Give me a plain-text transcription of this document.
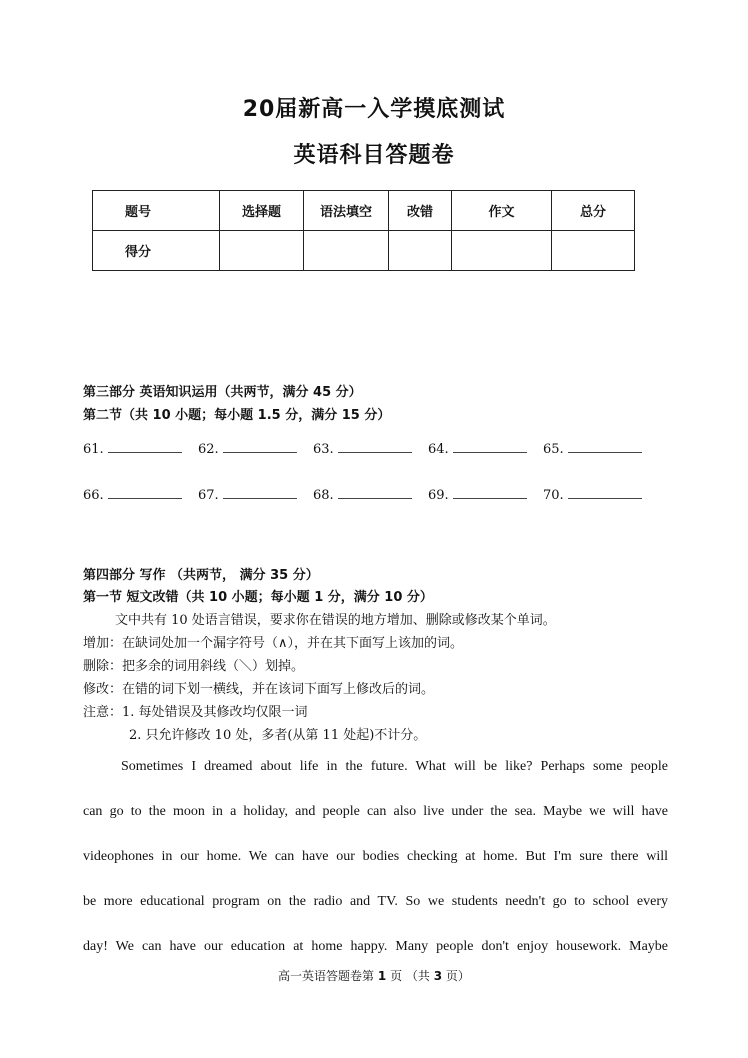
20届新高一入学摸底测试
英语科目答题卷
题号	选择题	语法填空	改错	作文	总分
得分					
第三部分 英语知识运用（共两节，满分 45 分）
第二节（共 10 小题；每小题 1.5 分，满分 15 分）
61.	62.	63.	64.	65.
66.	67.	68.	69.	70.
第四部分 写作 （共两节， 满分 35 分）
第一节 短文改错（共 10 小题；每小题 1 分，满分 10 分）
文中共有 10 处语言错误，要求你在错误的地方增加、删除或修改某个单词。
增加：在缺词处加一个漏字符号（∧），并在其下面写上该加的词。
删除：把多余的词用斜线（＼）划掉。
修改：在错的词下划一横线，并在该词下面写上修改后的词。
注意：1. 每处错误及其修改均仅限一词
2. 只允许修改 10 处，多者(从第 11 处起)不计分。
Sometimes I dreamed about life in the future. What will be like? Perhaps some people
can go to the moon in a holiday, and people can also live under the sea. Maybe we will have
videophones in our home. We can have our bodies checking at home. But I'm sure there will
be more educational program on the radio and TV. So we students needn't go to school every
day! We can have our education at home happy. Many people don't enjoy housework. Maybe
高一英语答题卷第 1 页 （共 3 页）
